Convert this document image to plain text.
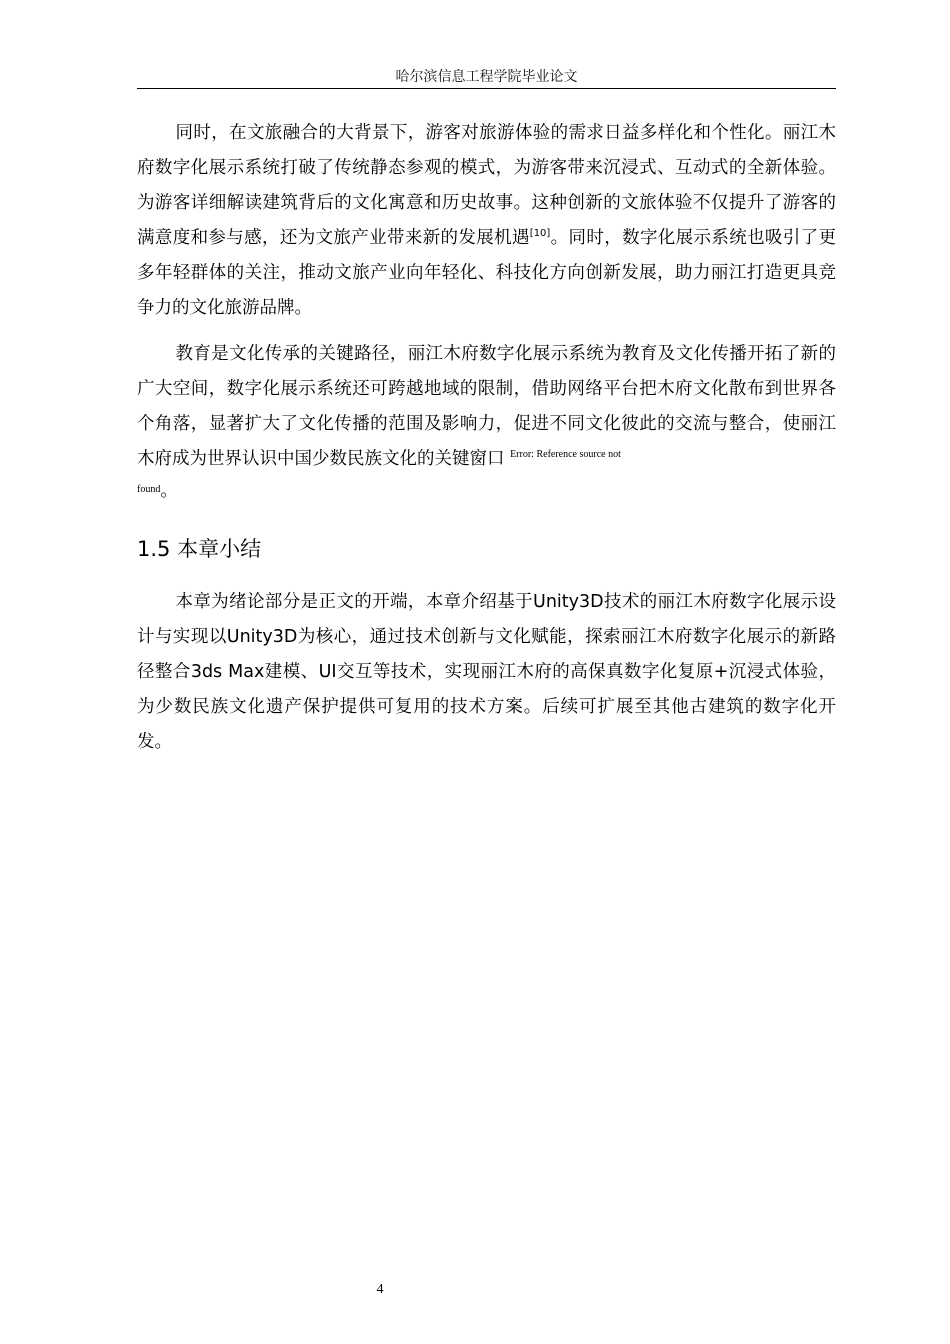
哈尔滨信息工程学院毕业论文

同时，在文旅融合的大背景下，游客对旅游体验的需求日益多样化和个性化。丽江木府数字化展示系统打破了传统静态参观的模式，为游客带来沉浸式、互动式的全新体验。为游客详细解读建筑背后的文化寓意和历史故事。这种创新的文旅体验不仅提升了游客的满意度和参与感，还为文旅产业带来新的发展机遇[10]。同时，数字化展示系统也吸引了更多年轻群体的关注，推动文旅产业向年轻化、科技化方向创新发展，助力丽江打造更具竞争力的文化旅游品牌。

教育是文化传承的关键路径，丽江木府数字化展示系统为教育及文化传播开拓了新的广大空间，数字化展示系统还可跨越地域的限制，借助网络平台把木府文化散布到世界各个角落，显著扩大了文化传播的范围及影响力，促进不同文化彼此的交流与整合，使丽江木府成为世界认识中国少数民族文化的关键窗口 $^{Error: Reference source not}$
$^{found}$。

1.5 本章小结

本章为绪论部分是正文的开端，本章介绍基于Unity3D技术的丽江木府数字化展示设计与实现以Unity3D为核心，通过技术创新与文化赋能，探索丽江木府数字化展示的新路径整合3ds Max建模、UI交互等技术，实现丽江木府的高保真数字化复原+沉浸式体验，为少数民族文化遗产保护提供可复用的技术方案。后续可扩展至其他古建筑的数字化开发。

4
